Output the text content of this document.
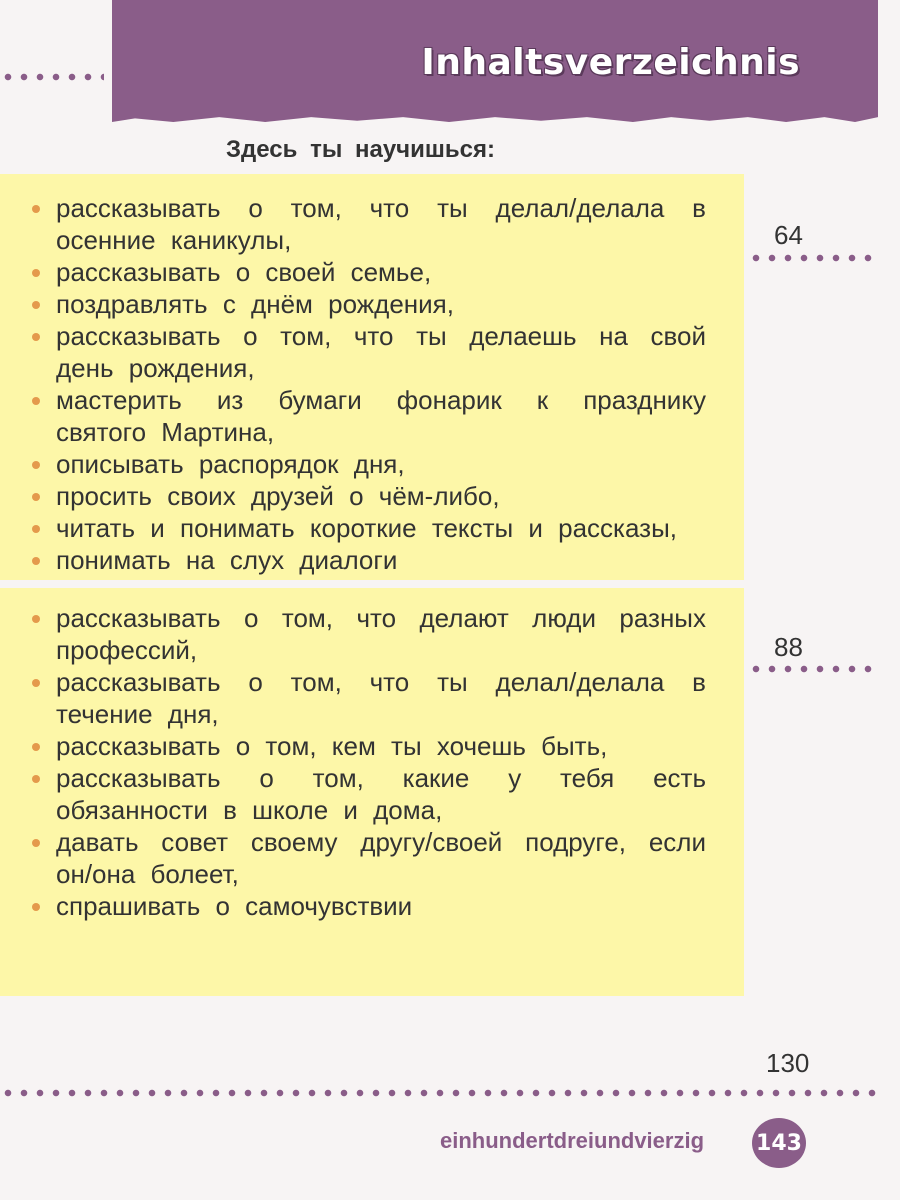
Inhaltsverzeichnis
Здесь ты научишься:
рассказывать о том, что ты делал/делала в осенние каникулы,
рассказывать о своей семье,
поздравлять с днём рождения,
рассказывать о том, что ты делаешь на свой день рождения,
мастерить из бумаги фонарик к празднику святого Мартина,
описывать распорядок дня,
просить своих друзей о чём-либо,
читать и понимать короткие тексты и рассказы,
понимать на слух диалоги
64
рассказывать о том, что делают люди разных профессий,
рассказывать о том, что ты делал/делала в течение дня,
рассказывать о том, кем ты хочешь быть,
рассказывать о том, какие у тебя есть обязанности в школе и дома,
давать совет своему другу/своей подруге, если он/она болеет,
спрашивать о самочувствии
88
130
einhundertdreiundvierzig 143
